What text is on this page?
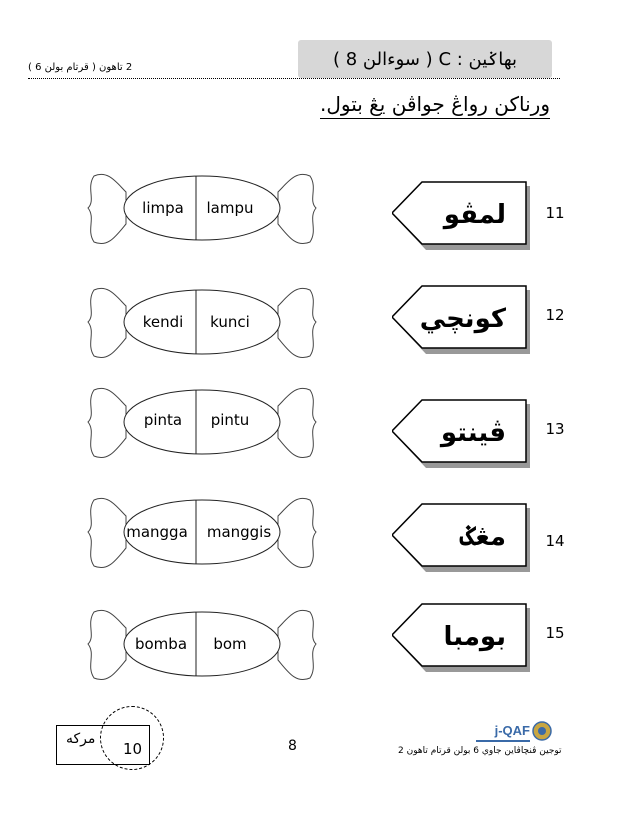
( قرتام بولن 6 ) 2 تاهون	بهاݢين : C ( سوءالن 8 )
ورناکن رواڠ جواڤن يڠ بتول.
limpa	lampu	لمڤو	11
kendi	kunci	کونچي	12
pinta	pintu	ڤينتو	13
mangga	manggis	مڠݢ	14
bomba	bom	بومبا	15
مرکه
10	8
j-QAF
توجين ڤنچاڤاين جاوي 6 بولن قرتام تاهون 2
